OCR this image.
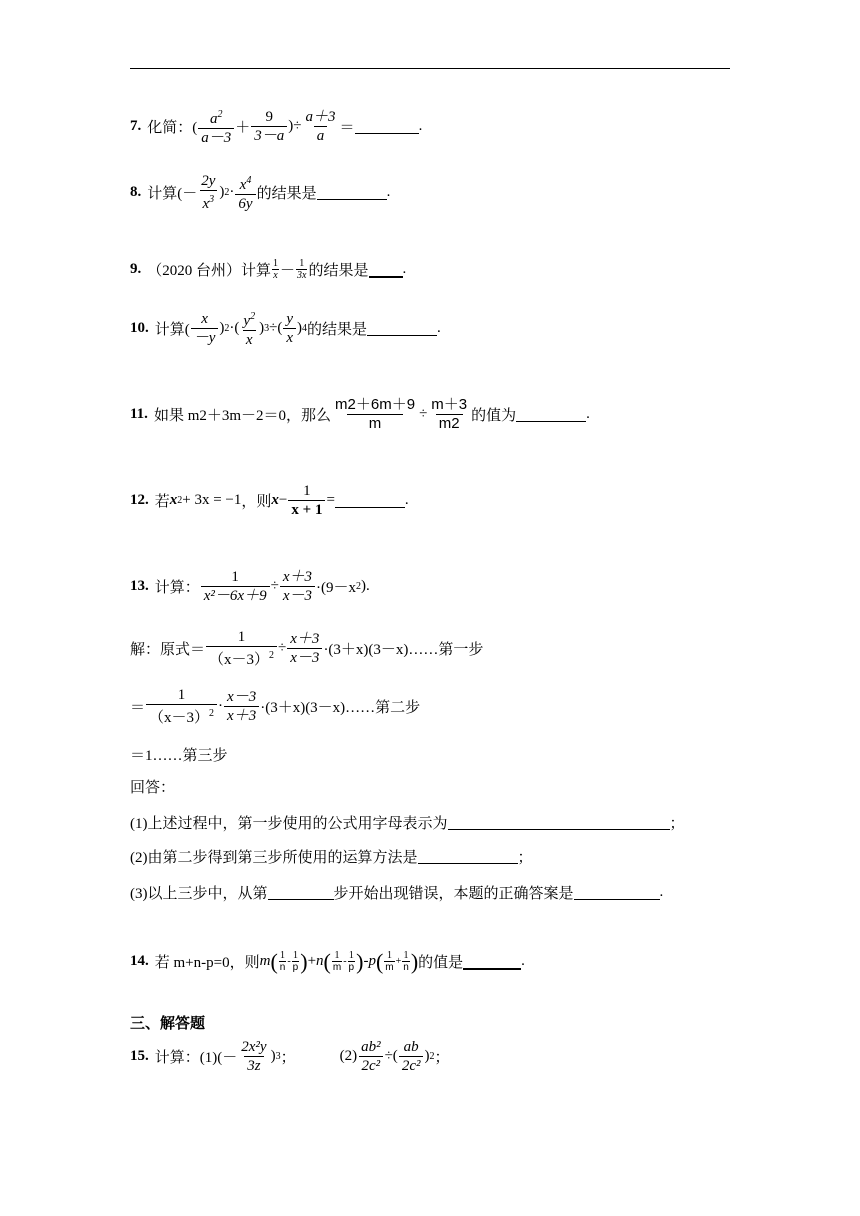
7. 化简：( $\frac{a^2}{a-3} + \frac{9}{3-a}$ )÷ $\frac{a+3}{a}$ ＝	.
8. 计算(－ $\frac{2y}{x^3}$ ) $2 \cdot \frac{x^4}{6y}$ 的结果是	.
9. （2020 台州）计算 $\frac{1}{x} - \frac{1}{3x}$ 的结果是 .
10. 计算( $\frac{x}{-y}$ ) 2 ·( $\frac{y^2}{x}$ ) 3 ÷( $\frac{y}{x}$ ) 4 的结果是	.
11. 如果 m2＋3m－2＝0，那么 $\frac{m2+6m+9}{m} \div \frac{m+3}{m2}$ 的值为	.
12. 若 x 2 + 3x = −1 ，则 $x - \frac{1}{x + 1}$ =	.
13. 计算： $\frac{1}{\text{x²－6x＋9}} \div \frac{x+3}{x-3} \cdot(9-x$ 2 ).
解：原式＝ $\frac{1}{(x-3)^2} \div \frac{x+3}{x-3}$ ·(3＋x)(3－x)……第一步
＝ $\frac{1}{(x-3)^2} \cdot \frac{x-3}{x+3}$ ·(3＋x)(3－x)……第二步
＝1……第三步
回答：
(1)上述过程中，第一步使用的公式用字母表示为	；
(2)由第二步得到第三步所使用的运算方法是	；
(3)以上三步中，从第	步开始出现错误，本题的正确答案是	.
14. 若 m+n-p=0，则 m ( $\frac{1}{n} - \frac{1}{p}$ ) + n ( $\frac{1}{m} - \frac{1}{p}$ ) - p ( $\frac{1}{m} + \frac{1}{n}$ ) 的值是	.
三、解答题
15. 计算：$(1)(- \frac{\text{2x²y}}{3z}$ ) 3 ；	$(2) \frac{\text{ab²}}{\text{2c²}}$ ÷( $\frac{ab}{\text{2c²}}$ ) 2 ；
